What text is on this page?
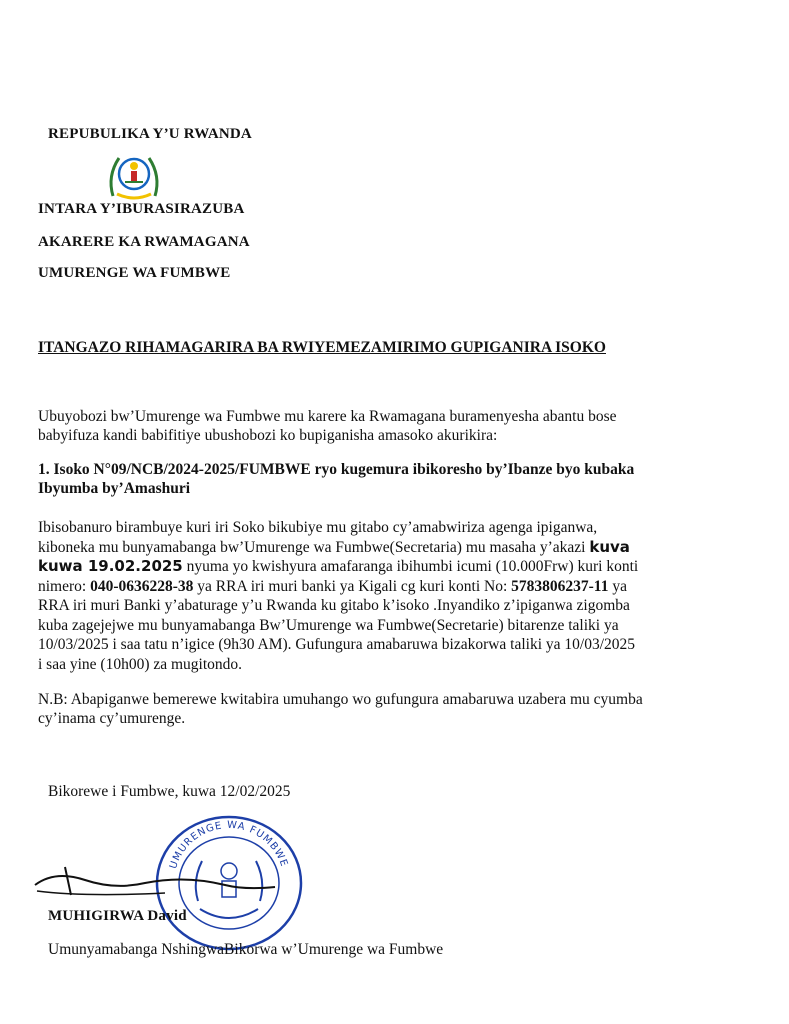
REPUBULIKA Y’U RWANDA
INTARA Y’IBURASIRAZUBA
AKARERE KA RWAMAGANA
UMURENGE WA FUMBWE
ITANGAZO RIHAMAGARIRA BA RWIYEMEZAMIRIMO GUPIGANIRA ISOKO
Ubuyobozi bw’Umurenge wa Fumbwe mu karere ka Rwamagana buramenyesha abantu bose
babyifuza kandi babifitiye ubushobozi ko bupiganisha amasoko akurikira:
1. Isoko N°09/NCB/2024-2025/FUMBWE ryo kugemura ibikoresho by’Ibanze byo kubaka
Ibyumba by’Amashuri
Ibisobanuro birambuye kuri iri Soko bikubiye mu gitabo cy’amabwiriza agenga ipiganwa,
kiboneka mu bunyamabanga bw’Umurenge wa Fumbwe(Secretaria) mu masaha y’akazi kuva
kuwa 19.02.2025 nyuma yo kwishyura amafaranga ibihumbi icumi (10.000Frw) kuri konti
nimero: 040-0636228-38 ya RRA iri muri banki ya Kigali cg kuri konti No: 5783806237-11 ya
RRA iri muri Banki y’abaturage y’u Rwanda ku gitabo k’isoko .Inyandiko z’ipiganwa zigomba
kuba zagejejwe mu bunyamabanga Bw’Umurenge wa Fumbwe(Secretarie) bitarenze taliki ya
10/03/2025 i saa tatu n’igice (9h30 AM). Gufungura amabaruwa bizakorwa taliki ya 10/03/2025
i saa yine (10h00) za mugitondo.
N.B: Abapiganwe bemerewe kwitabira umuhango wo gufungura amabaruwa uzabera mu cyumba
cy’inama cy’umurenge.
Bikorewe i Fumbwe, kuwa 12/02/2025
UMURENGE WA FUMBWE
MUHIGIRWA David
Umunyamabanga NshingwaBikorwa w’Umurenge wa Fumbwe
